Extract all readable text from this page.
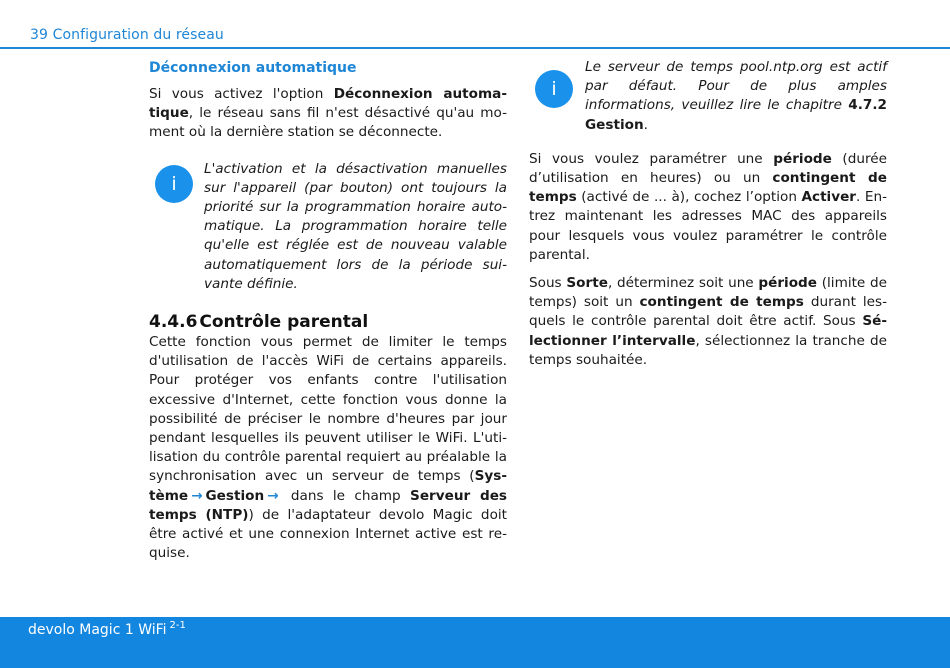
39 Configuration du réseau
Déconnexion automatique

Si vous activez l'option Déconnexion automa-tique, le réseau sans fil n'est désactivé qu'au mo-ment où la dernière station se déconnecte.

i
L'activation et la désactivation manuelles sur l'appareil (par bouton) ont toujours la priorité sur la programmation horaire auto-matique. La programmation horaire telle qu'elle est réglée est de nouveau valable automatiquement lors de la période sui-vante définie.
4.4.6 Contrôle parental

Cette fonction vous permet de limiter le temps d'utilisation de l'accès WiFi de certains appareils. Pour protéger vos enfants contre l'utilisation excessive d'Internet, cette fonction vous donne la possibilité de préciser le nombre d'heures par jour pendant lesquelles ils peuvent utiliser le WiFi. L'uti-lisation du contrôle parental requiert au préalable la synchronisation avec un serveur de temps (Sys-tème → Gestion → dans le champ Serveur des temps (NTP)) de l'adaptateur devolo Magic doit être activé et une connexion Internet active est re-quise.

i
Le serveur de temps pool.ntp.org est actif par défaut. Pour de plus amples informations, veuillez lire le chapitre 4.7.2 Gestion.

Si vous voulez paramétrer une période (durée d’utilisation en heures) ou un contingent de temps (activé de ... à), cochez l’option Activer. En-trez maintenant les adresses MAC des appareils pour lesquels vous voulez paramétrer le contrôle parental.

Sous Sorte, déterminez soit une période (limite de temps) soit un contingent de temps durant les-quels le contrôle parental doit être actif. Sous Sé-lectionner l’intervalle, sélectionnez la tranche de temps souhaitée.

devolo Magic 1 WiFi $^{2-1}$
